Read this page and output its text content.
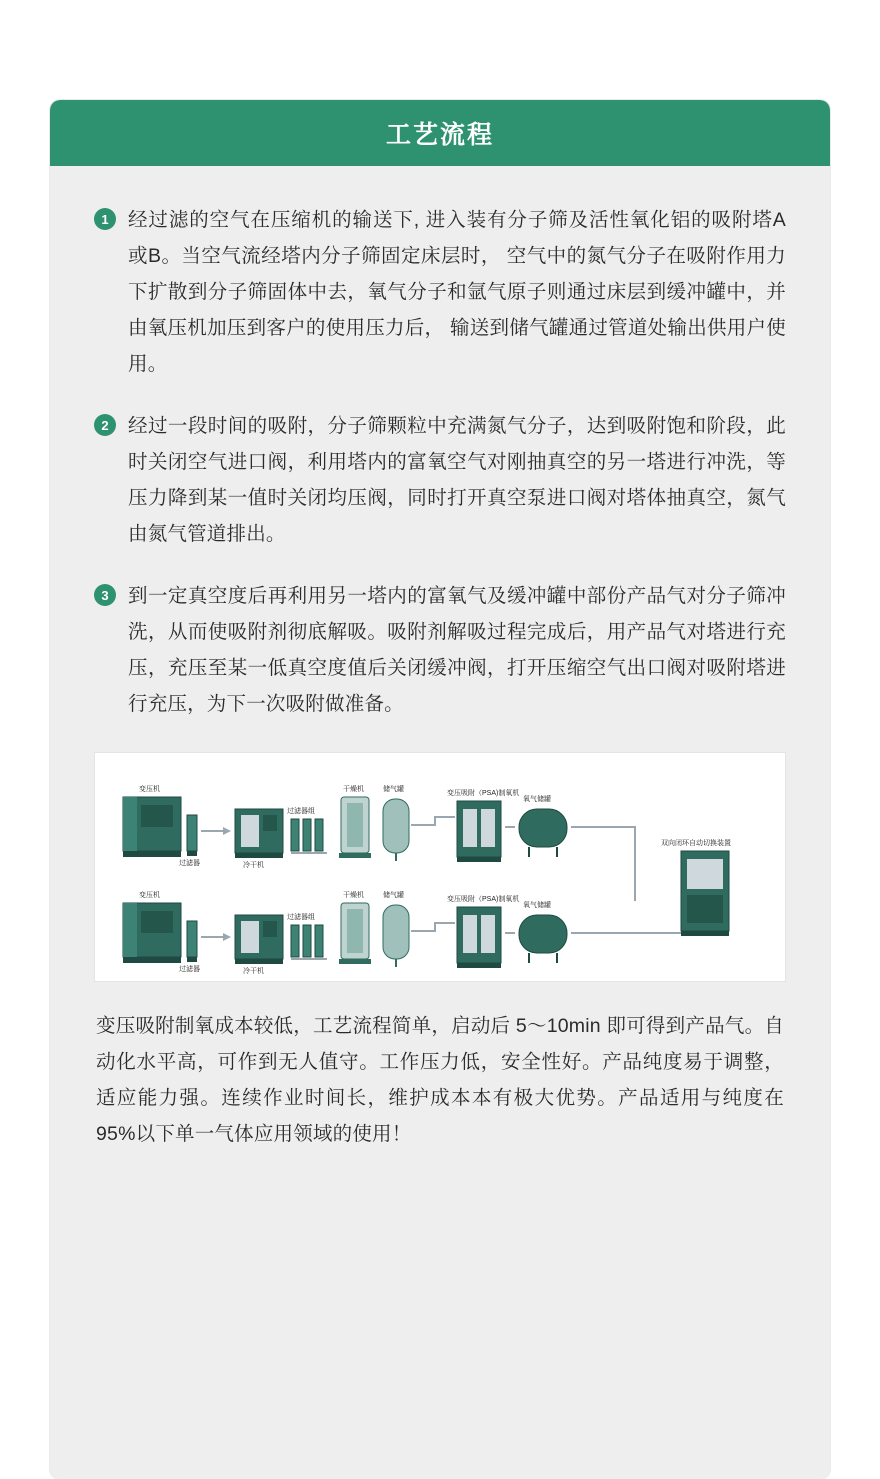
工艺流程
1 经过滤的空气在压缩机的输送下, 进入装有分子筛及活性氧化铝的吸附塔A 或B。当空气流经塔内分子筛固定床层时， 空气中的氮气分子在吸附作用力下扩散到分子筛固体中去，氧气分子和氩气原子则通过床层到缓冲罐中，并由氧压机加压到客户的使用压力后， 输送到储气罐通过管道处输出供用户使用。
2 经过一段时间的吸附，分子筛颗粒中充满氮气分子，达到吸附饱和阶段，此时关闭空气进口阀，利用塔内的富氧空气对刚抽真空的另一塔进行冲洗，等压力降到某一值时关闭均压阀，同时打开真空泵进口阀对塔体抽真空，氮气由氮气管道排出。
3 到一定真空度后再利用另一塔内的富氧气及缓冲罐中部份产品气对分子筛冲洗，从而使吸附剂彻底解吸。吸附剂解吸过程完成后，用产品气对塔进行充压，充压至某一低真空度值后关闭缓冲阀，打开压缩空气出口阀对吸附塔进行充压，为下一次吸附做准备。
变压机
过滤器	冷干机
过滤器组
干燥机	储气罐
变压吸附（PSA)制氧机
氧气储罐
变压机
过滤器	冷干机
过滤器组
干燥机	储气罐
变压吸附（PSA)制氧机
氧气储罐
双向闭环自动切换装置
变压吸附制氧成本较低，工艺流程简单，启动后 5～10min 即可得到产品气。自动化水平高，可作到无人值守。工作压力低，安全性好。产品纯度易于调整，适应能力强。连续作业时间长，维护成本本有极大优势。产品适用与纯度在 95%以下单一气体应用领域的使用！
